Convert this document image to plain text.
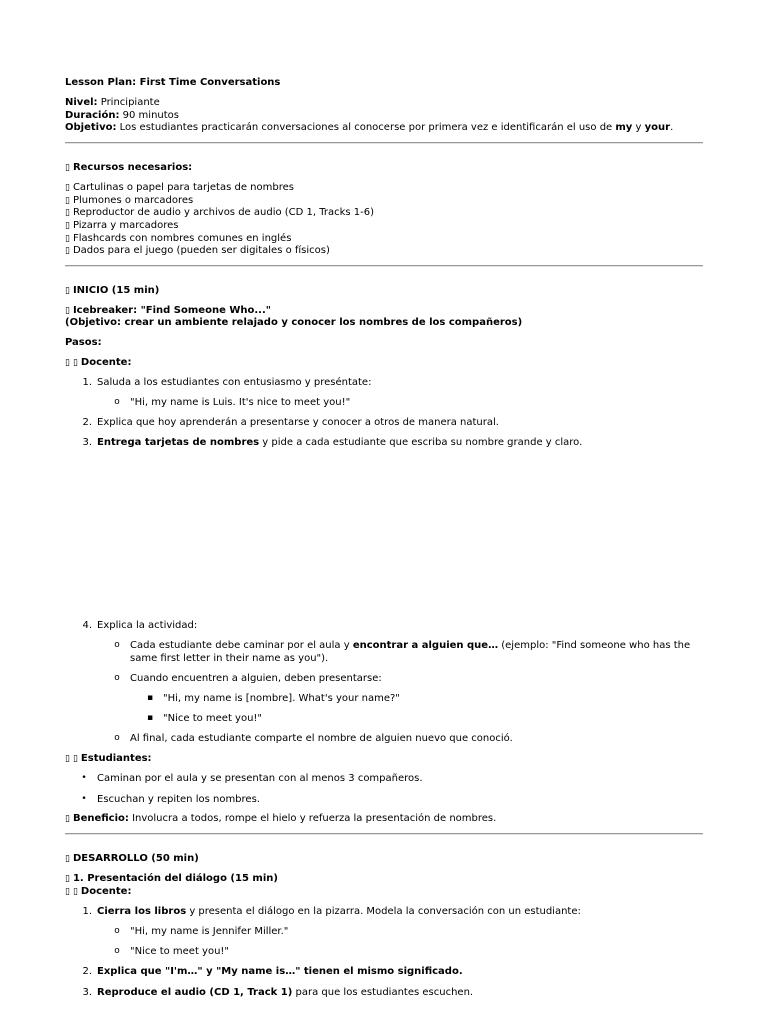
Lesson Plan: First Time Conversations
Nivel: Principiante
Duración: 90 minutos
Objetivo: Los estudiantes practicarán conversaciones al conocerse por primera vez e identificarán el uso de my y your.
▯ Recursos necesarios:
▯ Cartulinas o papel para tarjetas de nombres
▯ Plumones o marcadores
▯ Reproductor de audio y archivos de audio (CD 1, Tracks 1-6)
▯ Pizarra y marcadores
▯ Flashcards con nombres comunes en inglés
▯ Dados para el juego (pueden ser digitales o físicos)
▯ INICIO (15 min)
▯ Icebreaker: "Find Someone Who..."
(Objetivo: crear un ambiente relajado y conocer los nombres de los compañeros)
Pasos:
▯ ▯ Docente:
1. Saluda a los estudiantes con entusiasmo y preséntate:
o "Hi, my name is Luis. It's nice to meet you!"
2. Explica que hoy aprenderán a presentarse y conocer a otros de manera natural.
3. Entrega tarjetas de nombres y pide a cada estudiante que escriba su nombre grande y claro.
4. Explica la actividad:
o Cada estudiante debe caminar por el aula y encontrar a alguien que… (ejemplo: "Find someone who has the
same first letter in their name as you").
o Cuando encuentren a alguien, deben presentarse:
▪ "Hi, my name is [nombre]. What's your name?"
▪ "Nice to meet you!"
o Al final, cada estudiante comparte el nombre de alguien nuevo que conoció.
▯ ▯ Estudiantes:
• Caminan por el aula y se presentan con al menos 3 compañeros.
• Escuchan y repiten los nombres.
▯ Beneficio: Involucra a todos, rompe el hielo y refuerza la presentación de nombres.
▯ DESARROLLO (50 min)
▯ 1. Presentación del diálogo (15 min)
▯ ▯ Docente:
1. Cierra los libros y presenta el diálogo en la pizarra. Modela la conversación con un estudiante:
o "Hi, my name is Jennifer Miller."
o "Nice to meet you!"
2. Explica que "I'm…" y "My name is…" tienen el mismo significado.
3. Reproduce el audio (CD 1, Track 1) para que los estudiantes escuchen.
